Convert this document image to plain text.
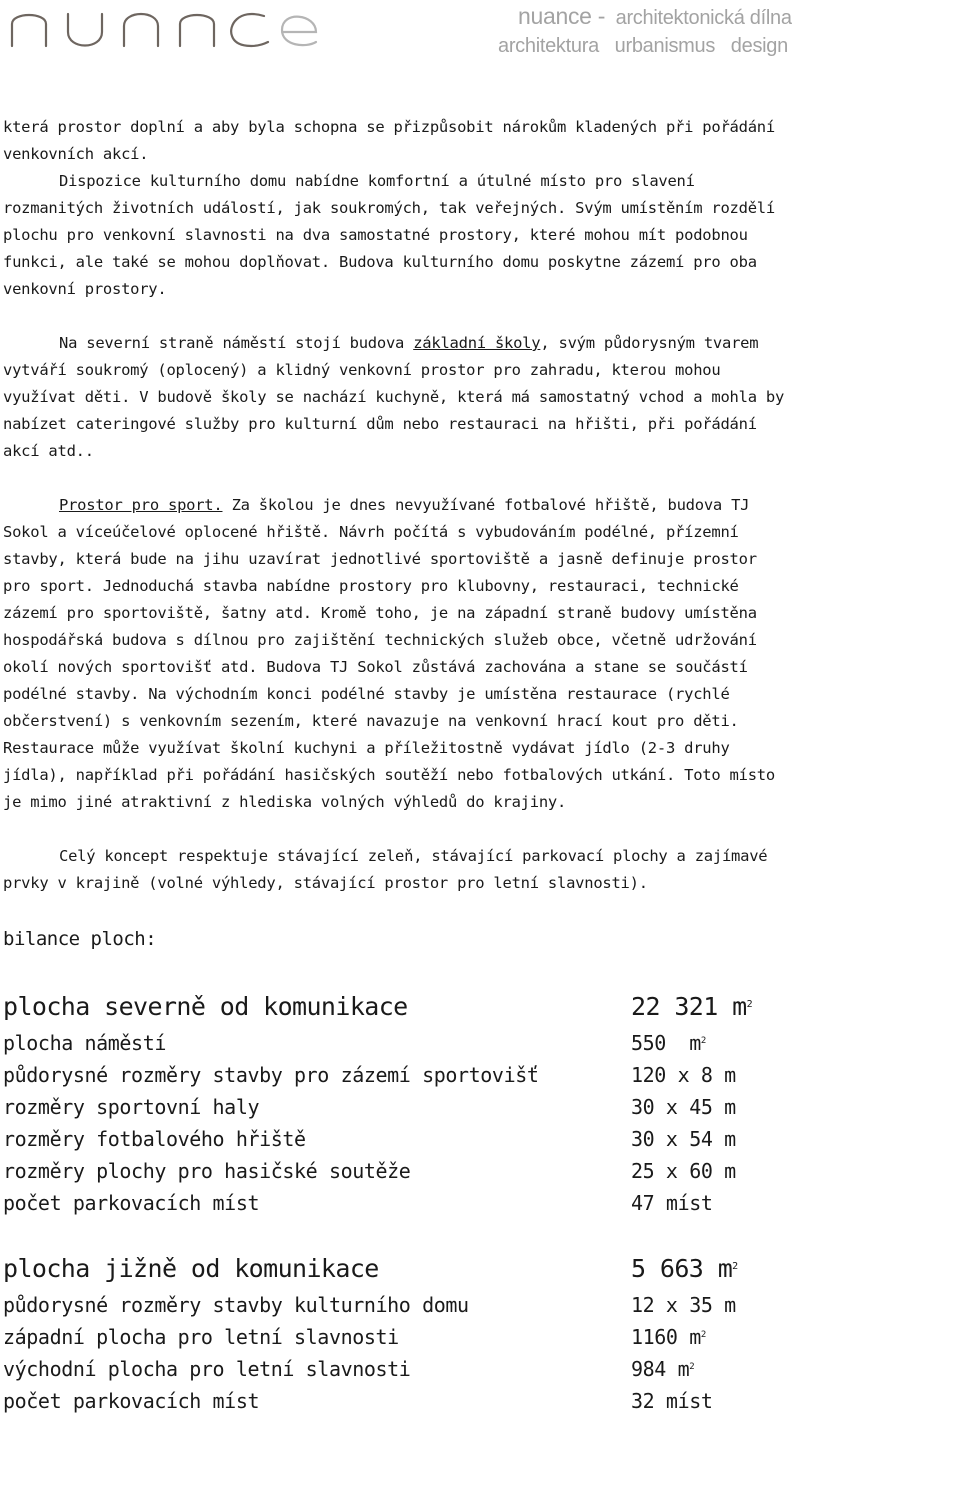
nuance - architektonická dílna
architektura   urbanismus   design

která prostor doplní a aby byla schopna se přizpůsobit nárokům kladených při pořádání venkovních akcí.
Dispozice kulturního domu nabídne komfortní a útulné místo pro slavení rozmanitých životních událostí, jak soukromých, tak veřejných. Svým umístěním rozdělí plochu pro venkovní slavnosti na dva samostatné prostory, které mohou mít podobnou funkci, ale také se mohou doplňovat. Budova kulturního domu poskytne zázemí pro oba venkovní prostory.

Na severní straně náměstí stojí budova základní školy, svým půdorysným tvarem vytváří soukromý (oplocený) a klidný venkovní prostor pro zahradu, kterou mohou využívat děti. V budově školy se nachází kuchyně, která má samostatný vchod a mohla by nabízet cateringové služby pro kulturní dům nebo restauraci na hřišti, při pořádání akcí atd..

Prostor pro sport. Za školou je dnes nevyužívané fotbalové hřiště, budova TJ Sokol a víceúčelové oplocené hřiště. Návrh počítá s vybudováním podélné, přízemní stavby, která bude na jihu uzavírat jednotlivé sportoviště a jasně definuje prostor pro sport. Jednoduchá stavba nabídne prostory pro klubovny, restauraci, technické zázemí pro sportoviště, šatny atd. Kromě toho, je na západní straně budovy umístěna hospodářská budova s dílnou pro zajištění technických služeb obce, včetně udržování okolí nových sportovišť atd. Budova TJ Sokol zůstává zachována a stane se součástí podélné stavby. Na východním konci podélné stavby je umístěna restaurace (rychlé občerstvení) s venkovním sezením, které navazuje na venkovní hrací kout pro děti. Restaurace může využívat školní kuchyni a příležitostně vydávat jídlo (2-3 druhy jídla), například při pořádání hasičských soutěží nebo fotbalových utkání. Toto místo je mimo jiné atraktivní z hlediska volných výhledů do krajiny.

Celý koncept respektuje stávající zeleň, stávající parkovací plochy a zajímavé prvky v krajině (volné výhledy, stávající prostor pro letní slavnosti).

bilance ploch:
plocha severně od komunikace	22 321 $m^2$
plocha náměstí	550  $m^2$
půdorysné rozměry stavby pro zázemí sportovišť	120 x 8 m
rozměry sportovní haly	30 x 45 m
rozměry fotbalového hřiště	30 x 54 m
rozměry plochy pro hasičské soutěže	25 x 60 m
počet parkovacích míst	47 míst
plocha jižně od komunikace	5 663 $m^2$
půdorysné rozměry stavby kulturního domu	12 x 35 m
západní plocha pro letní slavnosti	1160 $m^2$
východní plocha pro letní slavnosti	984 $m^2$
počet parkovacích míst	32 míst
